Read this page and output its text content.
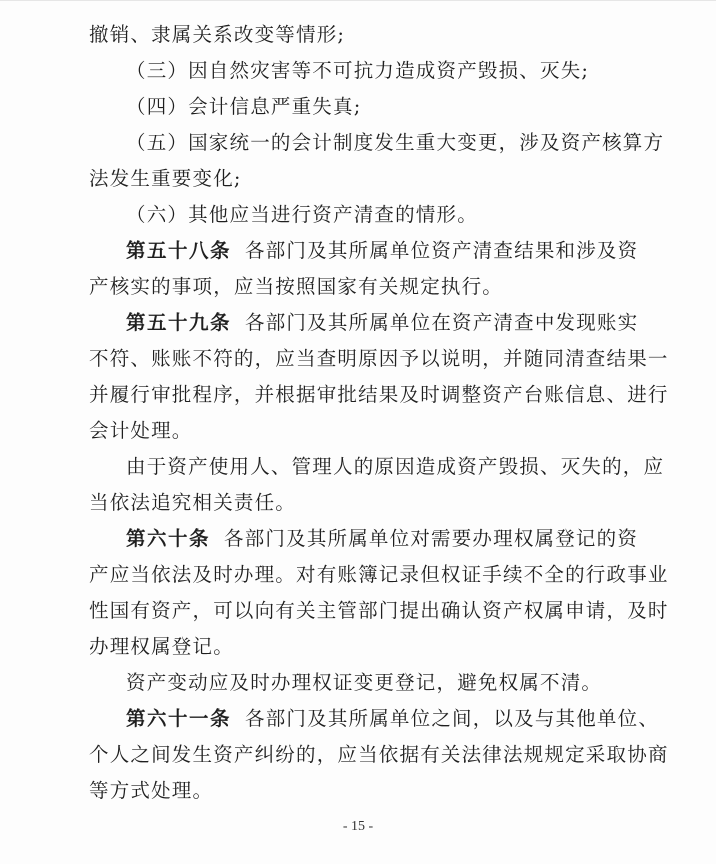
撤销、隶属关系改变等情形;
（三）因自然灾害等不可抗力造成资产毁损、灭失;
（四）会计信息严重失真;
（五）国家统一的会计制度发生重大变更，涉及资产核算方
法发生重要变化;
（六）其他应当进行资产清查的情形。
第五十八条 各部门及其所属单位资产清查结果和涉及资
产核实的事项，应当按照国家有关规定执行。
第五十九条 各部门及其所属单位在资产清查中发现账实
不符、账账不符的，应当查明原因予以说明，并随同清查结果一
并履行审批程序，并根据审批结果及时调整资产台账信息、进行
会计处理。
由于资产使用人、管理人的原因造成资产毁损、灭失的，应
当依法追究相关责任。
第六十条 各部门及其所属单位对需要办理权属登记的资
产应当依法及时办理。对有账簿记录但权证手续不全的行政事业
性国有资产，可以向有关主管部门提出确认资产权属申请，及时
办理权属登记。
资产变动应及时办理权证变更登记，避免权属不清。
第六十一条 各部门及其所属单位之间，以及与其他单位、
个人之间发生资产纠纷的，应当依据有关法律法规规定采取协商
等方式处理。
- 15 -
